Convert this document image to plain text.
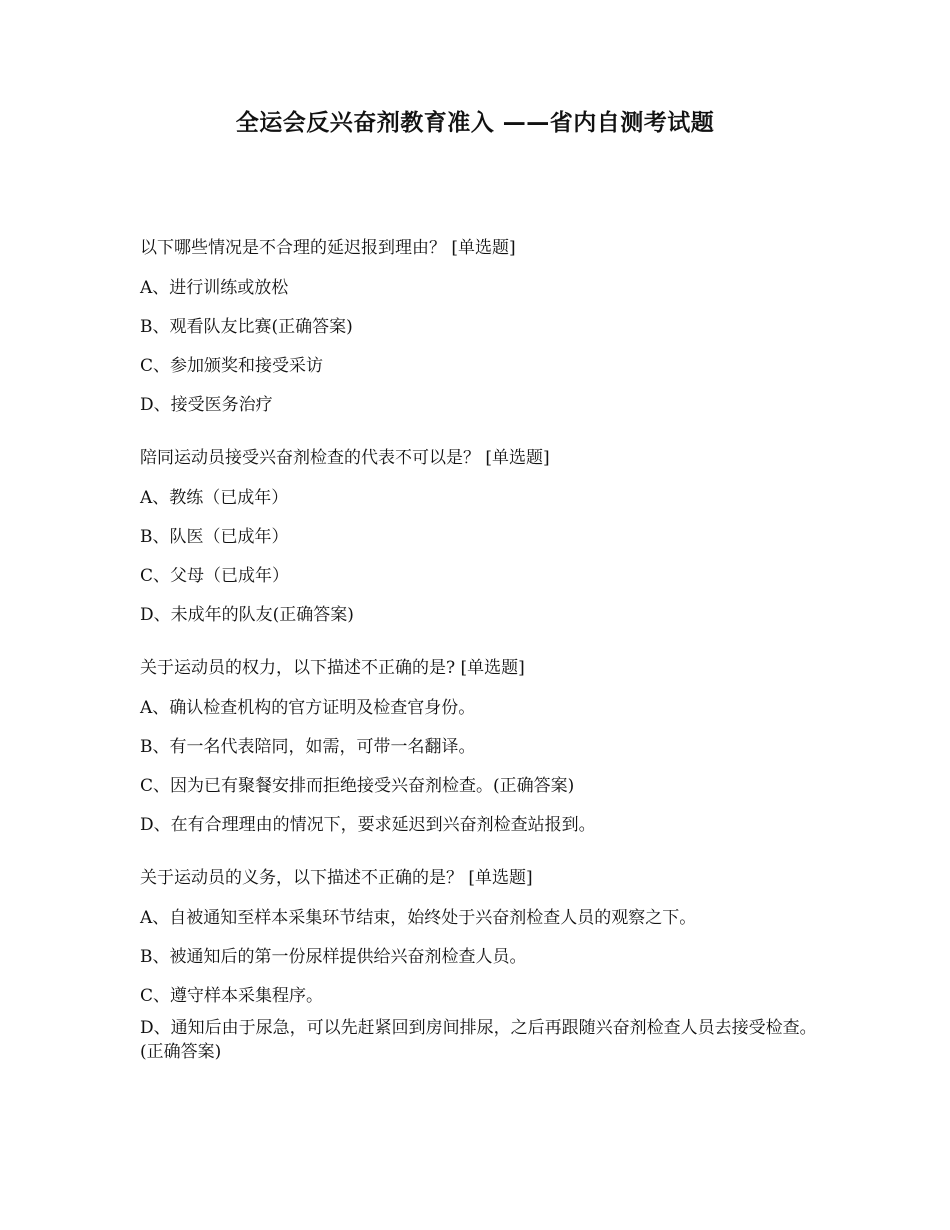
全运会反兴奋剂教育准入 ——省内自测考试题

以下哪些情况是不合理的延迟报到理由？ [单选题]

A、进行训练或放松
B、观看队友比赛(正确答案)
C、参加颁奖和接受采访
D、接受医务治疗

陪同运动员接受兴奋剂检查的代表不可以是？ [单选题]

A、教练（已成年）
B、队医（已成年）
C、父母（已成年）
D、未成年的队友(正确答案)

关于运动员的权力，以下描述不正确的是? [单选题]

A、确认检查机构的官方证明及检查官身份。
B、有一名代表陪同，如需，可带一名翻译。
C、因为已有聚餐安排而拒绝接受兴奋剂检查。(正确答案)
D、在有合理理由的情况下，要求延迟到兴奋剂检查站报到。

关于运动员的义务，以下描述不正确的是？ [单选题]

A、自被通知至样本采集环节结束，始终处于兴奋剂检查人员的观察之下。
B、被通知后的第一份尿样提供给兴奋剂检查人员。
C、遵守样本采集程序。
D、通知后由于尿急，可以先赶紧回到房间排尿，之后再跟随兴奋剂检查人员去接受检查。(正确答案)
